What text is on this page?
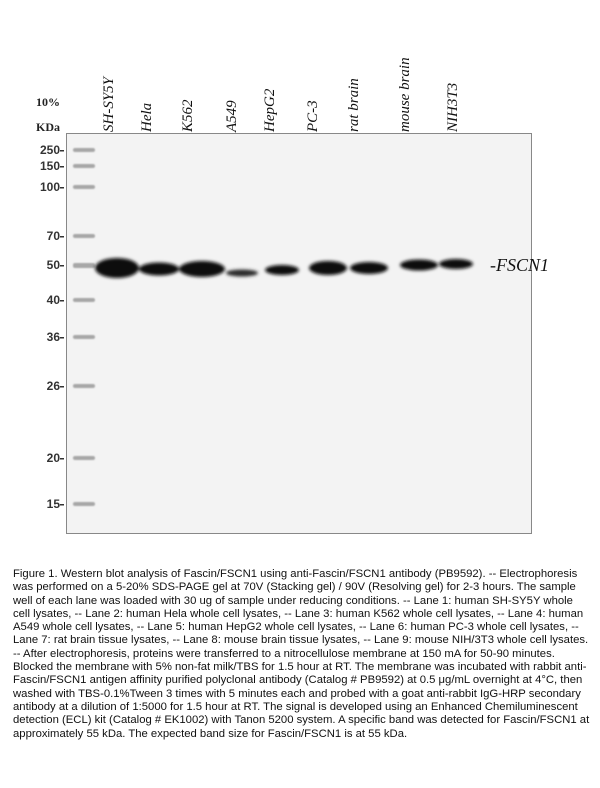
10%
KDa	SH-SY5Y Hela K562 A549 HepG2 PC-3 rat brain mouse brain NIH3T3
250
150
100
70
50
40
36
26
20
15
-FSCN1
Figure 1. Western blot analysis of Fascin/FSCN1 using anti-Fascin/FSCN1 antibody (PB9592). -- Electrophoresis was performed on a 5-20% SDS-PAGE gel at 70V (Stacking gel) / 90V (Resolving gel) for 2-3 hours. The sample well of each lane was loaded with 30 ug of sample under reducing conditions. -- Lane 1: human SH-SY5Y whole cell lysates, -- Lane 2: human Hela whole cell lysates, -- Lane 3: human K562 whole cell lysates, -- Lane 4: human A549 whole cell lysates, -- Lane 5: human HepG2 whole cell lysates, -- Lane 6: human PC-3 whole cell lysates, -- Lane 7: rat brain tissue lysates, -- Lane 8: mouse brain tissue lysates, -- Lane 9: mouse NIH/3T3 whole cell lysates. -- After electrophoresis, proteins were transferred to a nitrocellulose membrane at 150 mA for 50-90 minutes. Blocked the membrane with 5% non-fat milk/TBS for 1.5 hour at RT. The membrane was incubated with rabbit anti-Fascin/FSCN1 antigen affinity purified polyclonal antibody (Catalog # PB9592) at 0.5 μg/mL overnight at 4°C, then washed with TBS-0.1%Tween 3 times with 5 minutes each and probed with a goat anti-rabbit IgG-HRP secondary antibody at a dilution of 1:5000 for 1.5 hour at RT. The signal is developed using an Enhanced Chemiluminescent detection (ECL) kit (Catalog # EK1002) with Tanon 5200 system. A specific band was detected for Fascin/FSCN1 at approximately 55 kDa. The expected band size for Fascin/FSCN1 is at 55 kDa.
